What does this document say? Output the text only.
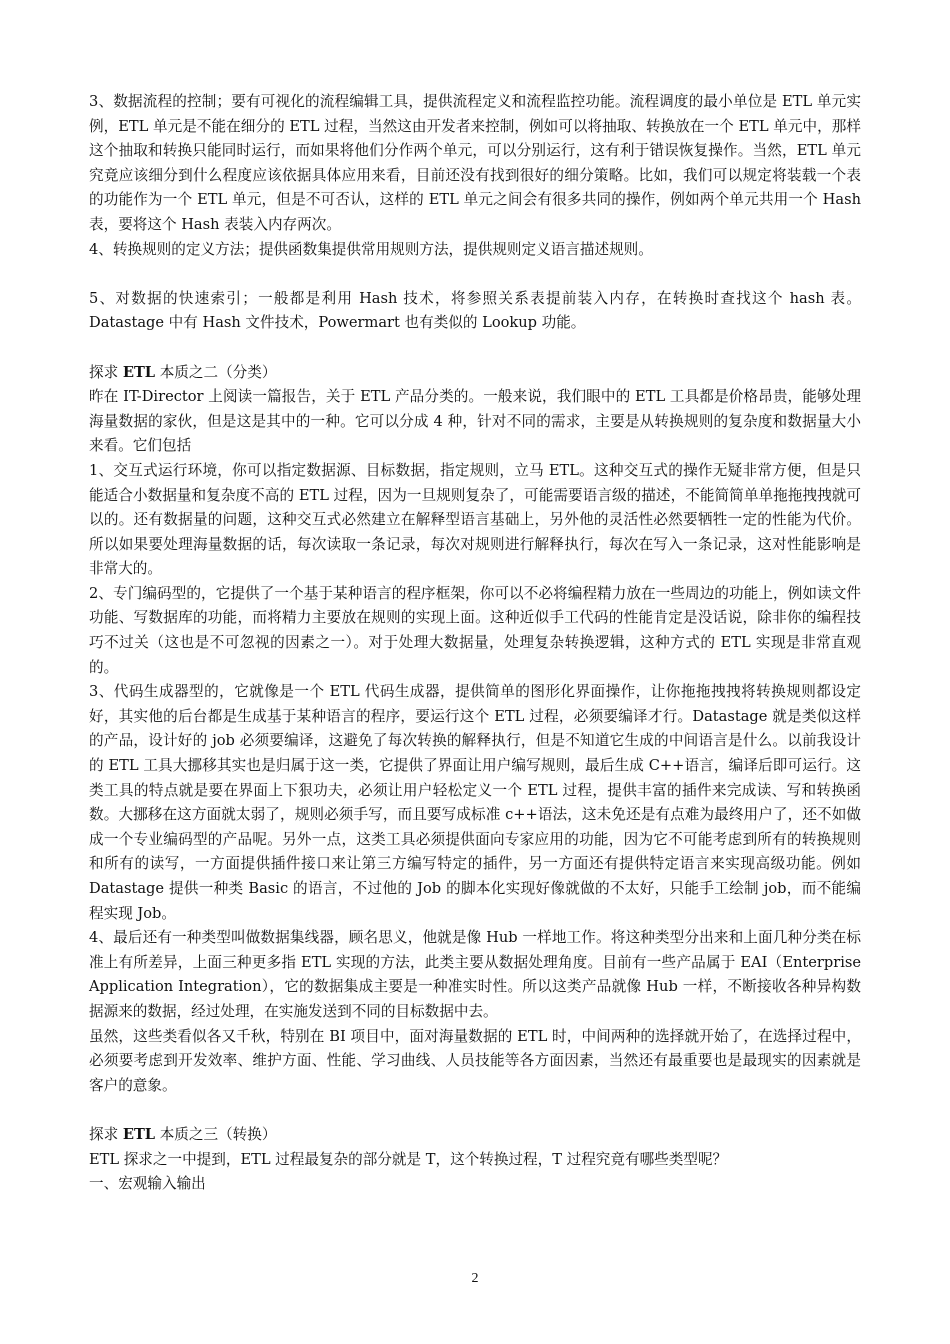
3、数据流程的控制；要有可视化的流程编辑工具，提供流程定义和流程监控功能。流程调度的最小单位是 ETL 单元实例，ETL 单元是不能在细分的 ETL 过程，当然这由开发者来控制，例如可以将抽取、转换放在一个 ETL 单元中，那样这个抽取和转换只能同时运行，而如果将他们分作两个单元，可以分别运行，这有利于错误恢复操作。当然，ETL 单元究竟应该细分到什么程度应该依据具体应用来看，目前还没有找到很好的细分策略。比如，我们可以规定将装载一个表的功能作为一个 ETL 单元，但是不可否认，这样的 ETL 单元之间会有很多共同的操作，例如两个单元共用一个 Hash 表，要将这个 Hash 表装入内存两次。

4、转换规则的定义方法；提供函数集提供常用规则方法，提供规则定义语言描述规则。

5、对数据的快速索引；一般都是利用 Hash 技术，将参照关系表提前装入内存，在转换时查找这个 hash 表。Datastage 中有 Hash 文件技术，Powermart 也有类似的 Lookup 功能。

探求 ETL 本质之二（分类）

昨在 IT-Director 上阅读一篇报告，关于 ETL 产品分类的。一般来说，我们眼中的 ETL 工具都是价格昂贵，能够处理海量数据的家伙，但是这是其中的一种。它可以分成 4 种，针对不同的需求，主要是从转换规则的复杂度和数据量大小来看。它们包括

1、交互式运行环境，你可以指定数据源、目标数据，指定规则，立马 ETL。这种交互式的操作无疑非常方便，但是只能适合小数据量和复杂度不高的 ETL 过程，因为一旦规则复杂了，可能需要语言级的描述，不能简简单单拖拖拽拽就可以的。还有数据量的问题，这种交互式必然建立在解释型语言基础上，另外他的灵活性必然要牺牲一定的性能为代价。所以如果要处理海量数据的话，每次读取一条记录，每次对规则进行解释执行，每次在写入一条记录，这对性能影响是非常大的。

2、专门编码型的，它提供了一个基于某种语言的程序框架，你可以不必将编程精力放在一些周边的功能上，例如读文件功能、写数据库的功能，而将精力主要放在规则的实现上面。这种近似手工代码的性能肯定是没话说，除非你的编程技巧不过关（这也是不可忽视的因素之一）。对于处理大数据量，处理复杂转换逻辑，这种方式的 ETL 实现是非常直观的。

3、代码生成器型的，它就像是一个 ETL 代码生成器，提供简单的图形化界面操作，让你拖拖拽拽将转换规则都设定好，其实他的后台都是生成基于某种语言的程序，要运行这个 ETL 过程，必须要编译才行。Datastage 就是类似这样的产品，设计好的 job 必须要编译，这避免了每次转换的解释执行，但是不知道它生成的中间语言是什么。以前我设计的 ETL 工具大挪移其实也是归属于这一类，它提供了界面让用户编写规则，最后生成 C++语言，编译后即可运行。这类工具的特点就是要在界面上下狠功夫，必须让用户轻松定义一个 ETL 过程，提供丰富的插件来完成读、写和转换函数。大挪移在这方面就太弱了，规则必须手写，而且要写成标准 c++语法，这未免还是有点难为最终用户了，还不如做成一个专业编码型的产品呢。另外一点，这类工具必须提供面向专家应用的功能，因为它不可能考虑到所有的转换规则和所有的读写，一方面提供插件接口来让第三方编写特定的插件，另一方面还有提供特定语言来实现高级功能。例如 Datastage 提供一种类 Basic 的语言，不过他的 Job 的脚本化实现好像就做的不太好，只能手工绘制 job，而不能编程实现 Job。

4、最后还有一种类型叫做数据集线器，顾名思义，他就是像 Hub 一样地工作。将这种类型分出来和上面几种分类在标准上有所差异，上面三种更多指 ETL 实现的方法，此类主要从数据处理角度。目前有一些产品属于 EAI（Enterprise Application Integration），它的数据集成主要是一种准实时性。所以这类产品就像 Hub 一样，不断接收各种异构数据源来的数据，经过处理，在实施发送到不同的目标数据中去。

虽然，这些类看似各又千秋，特别在 BI 项目中，面对海量数据的 ETL 时，中间两种的选择就开始了，在选择过程中，必须要考虑到开发效率、维护方面、性能、学习曲线、人员技能等各方面因素，当然还有最重要也是最现实的因素就是客户的意象。

探求 ETL 本质之三（转换）

ETL 探求之一中提到，ETL 过程最复杂的部分就是 T，这个转换过程，T 过程究竟有哪些类型呢？

一、宏观输入输出

2
